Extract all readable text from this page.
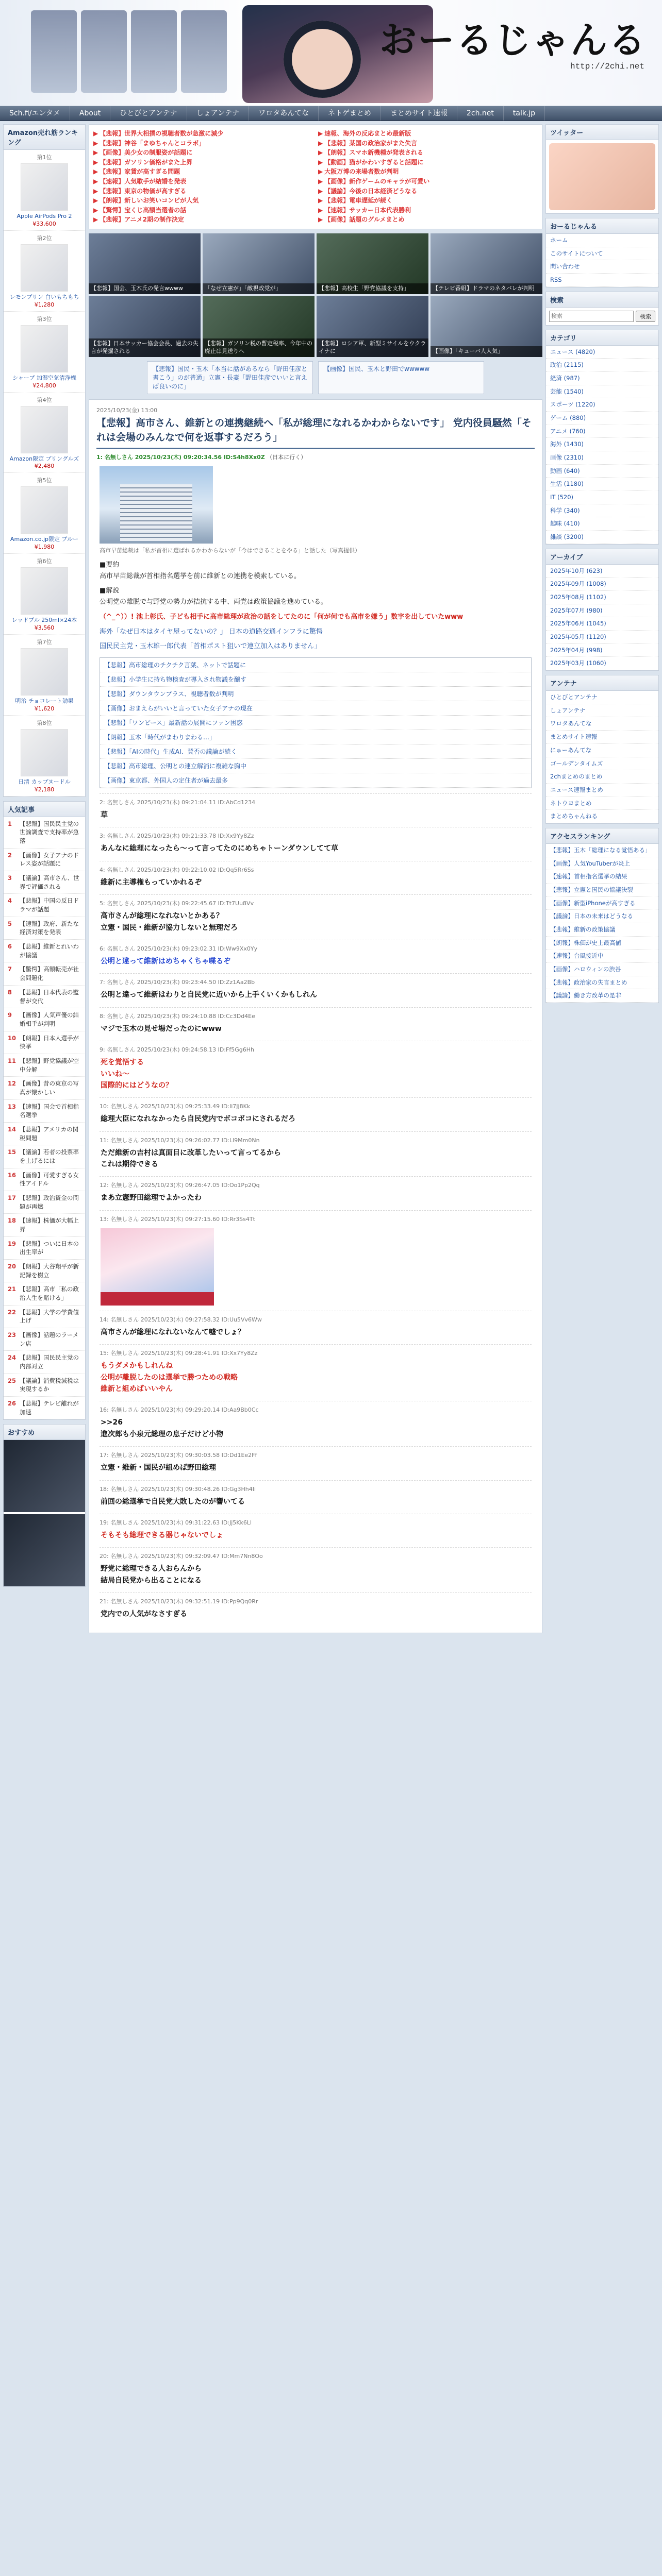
おーるじゃんる
http://2chi.net
Sch.fi/エンタメ	About	ひとびとアンテナ	しょアンテナ	ワロタあんてな	ネトゲまとめ	まとめサイト速報	2ch.net	talk.jp
Amazon売れ筋ランキング
第1位
Apple AirPods Pro 2
¥33,600
第2位
レモンプリン 白いもちもち
¥1,280
第3位
シャープ 加湿空気清浄機
¥24,800
第4位
Amazon限定 プリングルズ
¥2,480
第5位
Amazon.co.jp限定 ブルー
¥1,980
第6位
レッドブル 250ml×24本
¥3,560
第7位
明治 チョコレート効果
¥1,620
第8位
日清 カップヌードル
¥2,180
人気記事
1	【悲報】国民民主党の世論調査で支持率が急落
2	【画像】女子アナのドレス姿が話題に
3	【議論】高市さん、世界で評価される
4	【悲報】中国の反日ドラマが話題
5	【速報】政府、新たな経済対策を発表
6	【悲報】維新とれいわが協議
7	【驚愕】高額転売が社会問題化
8	【悲報】日本代表の監督が交代
9	【画像】人気声優の結婚相手が判明
10 【朗報】日本人選手が快挙
11 【悲報】野党協議が空中分解
12 【画像】昔の東京の写真が懐かしい
13 【速報】国会で首相指名選挙
14 【悲報】アメリカの関税問題
15 【議論】若者の投票率を上げるには
16 【画像】可愛すぎる女性アイドル
17 【悲報】政治資金の問題が再燃
18 【速報】株価が大幅上昇
19 【悲報】ついに日本の出生率が
20 【朗報】大谷翔平が新記録を樹立
21 【悲報】高市「私の政治人生を賭ける」
22 【悲報】大学の学費値上げ
23 【画像】話題のラーメン店
24 【悲報】国民民主党の内部対立
25 【議論】消費税減税は実現するか
26 【悲報】テレビ離れが加速
おすすめ
▶ 【悲報】世界大相撲の視聴者数が急激に減少	▶ 速報、海外の反応まとめ最新版
▶ 【悲報】神谷「まゆちゃんとコラボ」	▶ 【悲報】某国の政治家がまた失言
▶ 【画像】美少女の制服姿が話題に	▶ 【朗報】スマホ新機種が発表される
▶ 【悲報】ガソリン価格がまた上昇	▶ 【動画】猫がかわいすぎると話題に
▶ 【悲報】家賃が高すぎる問題	▶ 大阪万博の来場者数が判明
▶ 【速報】人気歌手が結婚を発表	▶ 【画像】新作ゲームのキャラが可愛い
▶ 【悲報】東京の物価が高すぎる	▶ 【議論】今後の日本経済どうなる
▶ 【朗報】新しいお笑いコンビが人気	▶ 【悲報】電車遅延が続く
▶ 【驚愕】宝くじ高額当選者の話	▶ 【速報】サッカー日本代表勝利
▶ 【悲報】アニメ2期の制作決定	▶ 【画像】話題のグルメまとめ
【悲報】国会、玉木氏の発言wwww	「なぜ立憲が」「敵視政党が」	【悲報】高校生「野党協議を支持」	【テレビ番組】ドラマのネタバレが判明
【悲報】日本サッカー協会会長、過去の失言が発掘される
【悲報】ガソリン税の暫定税率、今年中の廃止は見送りへ
【悲報】ロシア軍、新型ミサイルをウクライナに	【画像】「キューバ人人気」
【悲報】国民・玉木「本当に話があるなら「野田佳彦と書こう」のが普通」立憲・長妻「野田佳彦でいいと言えば良いのに」
【画像】国民、玉木と野田でwwwww
2025/10/23(金) 13:00
【悲報】高市さん、維新との連携継続へ「私が総理になれるかわからないです」 党内役員騒然「それは会場のみんなで何を返事するだろう」
1: 名無しさん 2025/10/23(木) 09:20:34.56 ID:S4h8Xx0Z （日本に行く）
高市早苗総裁は「私が首相に選ばれるかわからないが「今はできることをやる」と話した（写真提供）
■要約
高市早苗総裁が首相指名選挙を前に維新との連携を模索している。
■解説
公明党の離脱で与野党の勢力が拮抗する中、両党は政策協議を進めている。
（^_^））! 池上彰氏、子ども相手に高市総理が政治の話をしてたのに「何が何でも高市を嫌う」数字を出していたwww
海外「なぜ日本はタイヤ屋ってないの？」 日本の道路交通インフラに驚愕
国民民主党・玉木雄一郎代表「首相ポスト狙いで連立加入はありません」
【悲報】高市総理のチクチク言葉、ネットで話題に
【悲報】小学生に持ち物検査が導入され物議を醸す
【悲報】ダウンタウンプラス、視聴者数が判明
【画像】おまえらがいいと言っていた女子アナの現在
【悲報】「ワンピース」最新話の展開にファン困惑
【朗報】玉木「時代がまわりまわる…」
【悲報】「AIの時代」生成AI、賛否の議論が続く
【悲報】高市総理、公明との連立解消に複雑な胸中
【画像】東京都、外国人の定住者が過去最多
2: 名無しさん 2025/10/23(木) 09:21:04.11 ID:AbCd1234
草
3: 名無しさん 2025/10/23(木) 09:21:33.78 ID:Xx9Yy8Zz
あんなに総理になったら～って言ってたのにめちゃトーンダウンしてて草
4: 名無しさん 2025/10/23(木) 09:22:10.02 ID:Qq5Rr6Ss
維新に主導権もっていかれるぞ
5: 名無しさん 2025/10/23(木) 09:22:45.67 ID:Tt7Uu8Vv
高市さんが総理になれないとかある？
立憲・国民・維新が協力しないと無理だろ
6: 名無しさん 2025/10/23(木) 09:23:02.31 ID:Ww9Xx0Yy
公明と違って維新はめちゃくちゃ喋るぞ
7: 名無しさん 2025/10/23(木) 09:23:44.50 ID:Zz1Aa2Bb
公明と違って維新はわりと自民党に近いから上手くいくかもしれん
8: 名無しさん 2025/10/23(木) 09:24:10.88 ID:Cc3Dd4Ee
マジで玉木の見せ場だったのにwww
9: 名無しさん 2025/10/23(木) 09:24:58.13 ID:Ff5Gg6Hh
死を覚悟する
いいね～
国際的にはどうなの？
10: 名無しさん 2025/10/23(木) 09:25:33.49 ID:Ii7Jj8Kk
総理大臣になれなかったら自民党内でボコボコにされるだろ
11: 名無しさん 2025/10/23(木) 09:26:02.77 ID:Ll9Mm0Nn
ただ維新の吉村は真面目に改革したいって言ってるから
これは期待できる
12: 名無しさん 2025/10/23(木) 09:26:47.05 ID:Oo1Pp2Qq
まあ立憲野田総理でよかったわ
13: 名無しさん 2025/10/23(木) 09:27:15.60 ID:Rr3Ss4Tt
14: 名無しさん 2025/10/23(木) 09:27:58.32 ID:Uu5Vv6Ww
高市さんが総理になれないなんて嘘でしょ？
15: 名無しさん 2025/10/23(木) 09:28:41.91 ID:Xx7Yy8Zz
もうダメかもしれんね
公明が離脱したのは選挙で勝つための戦略
維新と組めばいいやん
16: 名無しさん 2025/10/23(木) 09:29:20.14 ID:Aa9Bb0Cc
>>26
進次郎も小泉元総理の息子だけど小物
17: 名無しさん 2025/10/23(木) 09:30:03.58 ID:Dd1Ee2Ff
立憲・維新・国民が組めば野田総理
18: 名無しさん 2025/10/23(木) 09:30:48.26 ID:Gg3Hh4Ii
前回の総選挙で自民党大敗したのが響いてる
19: 名無しさん 2025/10/23(木) 09:31:22.63 ID:Jj5Kk6Ll
そもそも総理できる器じゃないでしょ
20: 名無しさん 2025/10/23(木) 09:32:09.47 ID:Mm7Nn8Oo
野党に総理できる人おらんから
結局自民党から出ることになる
21: 名無しさん 2025/10/23(木) 09:32:51.19 ID:Pp9Qq0Rr
党内での人気がなさすぎる
ツイッター
おーるじゃんる
ホーム
このサイトについて
問い合わせ
RSS
検索
検索
検索
カテゴリ
ニュース (4820)
政治 (2115)
経済 (987)
芸能 (1540)
スポーツ (1220)
ゲーム (880)
アニメ (760)
海外 (1430)
画像 (2310)
動画 (640)
生活 (1180)
IT (520)
科学 (340)
趣味 (410)
雑談 (3200)
アーカイブ
2025年10月 (623)
2025年09月 (1008)
2025年08月 (1102)
2025年07月 (980)
2025年06月 (1045)
2025年05月 (1120)
2025年04月 (998)
2025年03月 (1060)
アンテナ
ひとびとアンテナ
しょアンテナ
ワロタあんてな
まとめサイト速報
にゅーあんてな
ゴールデンタイムズ
2chまとめのまとめ
ニュース速報まとめ
ネトウヨまとめ
まとめちゃんねる
アクセスランキング
【悲報】玉木「総理になる覚悟ある」
【画像】人気YouTuberが炎上
【速報】首相指名選挙の結果
【悲報】立憲と国民の協議決裂
【画像】新型iPhoneが高すぎる
【議論】日本の未来はどうなる
【悲報】維新の政策協議
【朗報】株価が史上最高値
【速報】台風接近中
【画像】ハロウィンの渋谷
【悲報】政治家の失言まとめ
【議論】働き方改革の是非
